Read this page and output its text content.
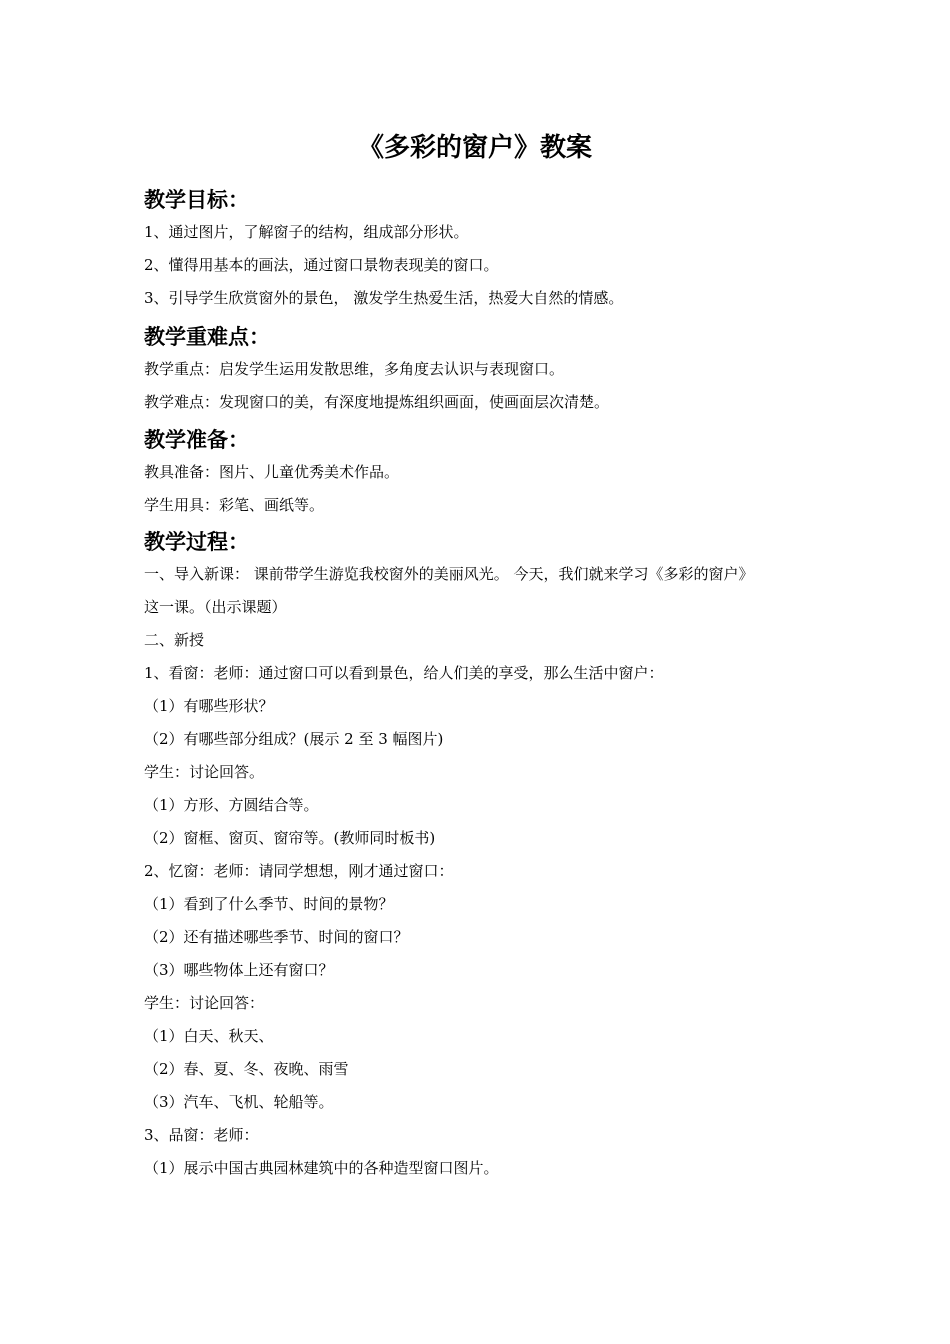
《多彩的窗户》教案
教学目标：
1、通过图片，了解窗子的结构，组成部分形状。
2、懂得用基本的画法，通过窗口景物表现美的窗口。
3、引导学生欣赏窗外的景色， 激发学生热爱生活，热爱大自然的情感。
教学重难点：
教学重点：启发学生运用发散思维，多角度去认识与表现窗口。
教学难点：发现窗口的美，有深度地提炼组织画面，使画面层次清楚。
教学准备：
教具准备：图片、儿童优秀美术作品。
学生用具：彩笔、画纸等。
教学过程：
一、导入新课： 课前带学生游览我校窗外的美丽风光。 今天，我们就来学习《多彩的窗户》
这一课。（出示课题）
二、新授
1、看窗：老师：通过窗口可以看到景色，给人们美的享受，那么生活中窗户：
（1）有哪些形状？
（2）有哪些部分组成？(展示 2 至 3 幅图片)
学生：讨论回答。
（1）方形、方圆结合等。
（2）窗框、窗页、窗帘等。(教师同时板书)
2、忆窗：老师：请同学想想，刚才通过窗口：
（1）看到了什么季节、时间的景物？
（2）还有描述哪些季节、时间的窗口？
（3）哪些物体上还有窗口？
学生：讨论回答：
（1）白天、秋天、
（2）春、夏、冬、夜晚、雨雪
（3）汽车、飞机、轮船等。
3、品窗：老师：
（1）展示中国古典园林建筑中的各种造型窗口图片。
